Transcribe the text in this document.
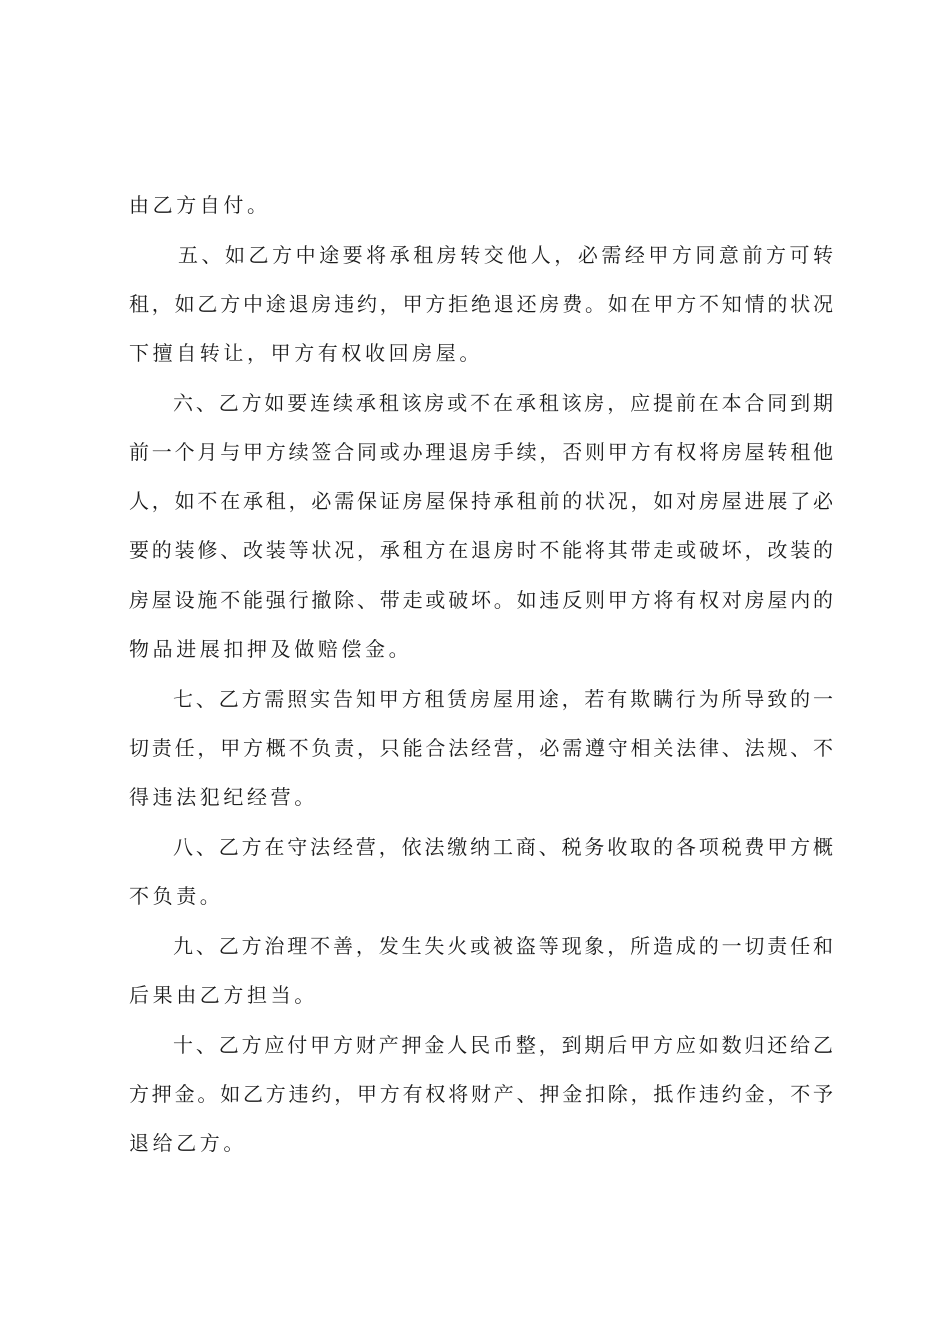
由乙方自付。

五、如乙方中途要将承租房转交他人，必需经甲方同意前方可转

租，如乙方中途退房违约，甲方拒绝退还房费。如在甲方不知情的状况

下擅自转让，甲方有权收回房屋。

六、乙方如要连续承租该房或不在承租该房，应提前在本合同到期

前一个月与甲方续签合同或办理退房手续，否则甲方有权将房屋转租他

人，如不在承租，必需保证房屋保持承租前的状况，如对房屋进展了必

要的装修、改装等状况，承租方在退房时不能将其带走或破坏，改装的

房屋设施不能强行撤除、带走或破坏。如违反则甲方将有权对房屋内的

物品进展扣押及做赔偿金。

七、乙方需照实告知甲方租赁房屋用途，若有欺瞒行为所导致的一

切责任，甲方概不负责，只能合法经营，必需遵守相关法律、法规、不

得违法犯纪经营。

八、乙方在守法经营，依法缴纳工商、税务收取的各项税费甲方概

不负责。

九、乙方治理不善，发生失火或被盗等现象，所造成的一切责任和

后果由乙方担当。

十、乙方应付甲方财产押金人民币整，到期后甲方应如数归还给乙

方押金。如乙方违约，甲方有权将财产、押金扣除，抵作违约金，不予

退给乙方。
